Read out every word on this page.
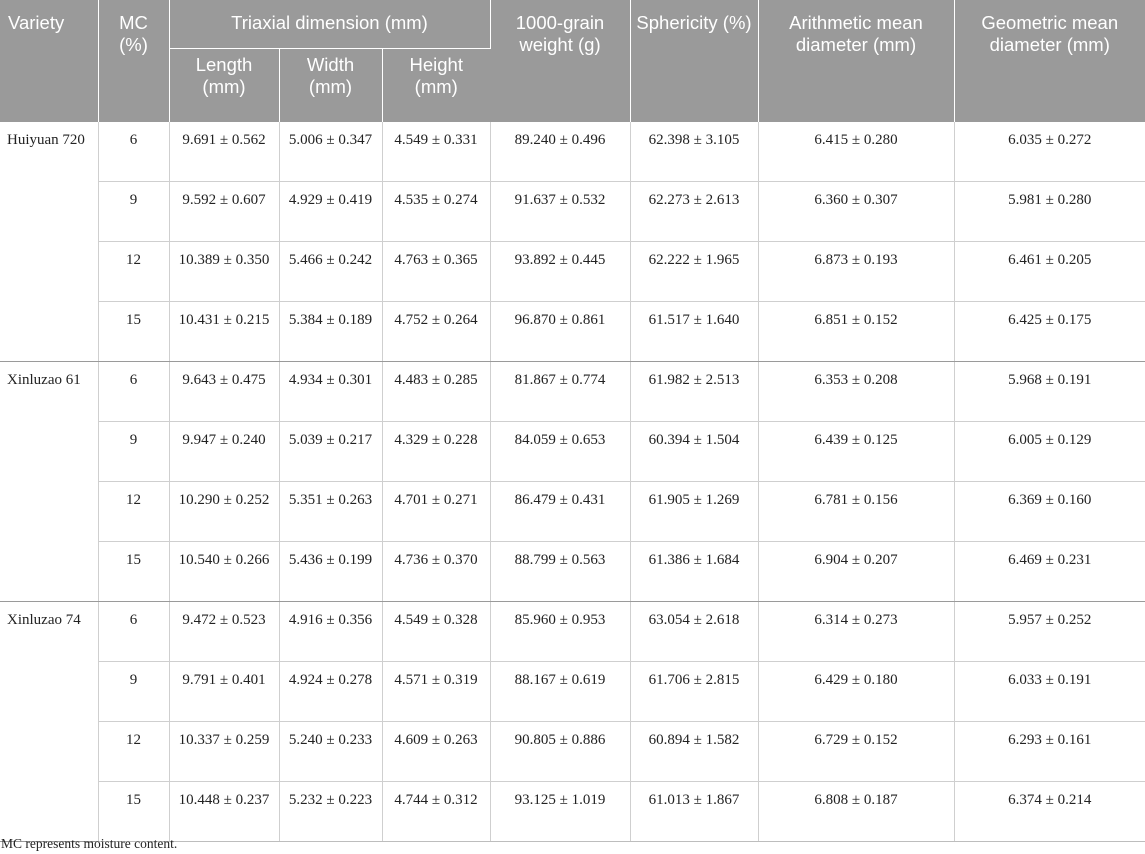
Variety	MC (%)	Triaxial dimension (mm)			1000-grain weight (g)	Sphericity (%)	Arithmetic mean diameter (mm)	Geometric mean diameter (mm)
		Length (mm)	Width (mm)	Height (mm)				
Huiyuan 720	6	9.691 ± 0.562	5.006 ± 0.347	4.549 ± 0.331	89.240 ± 0.496	62.398 ± 3.105	6.415 ± 0.280	6.035 ± 0.272
	9	9.592 ± 0.607	4.929 ± 0.419	4.535 ± 0.274	91.637 ± 0.532	62.273 ± 2.613	6.360 ± 0.307	5.981 ± 0.280
	12	10.389 ± 0.350	5.466 ± 0.242	4.763 ± 0.365	93.892 ± 0.445	62.222 ± 1.965	6.873 ± 0.193	6.461 ± 0.205
	15	10.431 ± 0.215	5.384 ± 0.189	4.752 ± 0.264	96.870 ± 0.861	61.517 ± 1.640	6.851 ± 0.152	6.425 ± 0.175
Xinluzao 61	6	9.643 ± 0.475	4.934 ± 0.301	4.483 ± 0.285	81.867 ± 0.774	61.982 ± 2.513	6.353 ± 0.208	5.968 ± 0.191
	9	9.947 ± 0.240	5.039 ± 0.217	4.329 ± 0.228	84.059 ± 0.653	60.394 ± 1.504	6.439 ± 0.125	6.005 ± 0.129
	12	10.290 ± 0.252	5.351 ± 0.263	4.701 ± 0.271	86.479 ± 0.431	61.905 ± 1.269	6.781 ± 0.156	6.369 ± 0.160
	15	10.540 ± 0.266	5.436 ± 0.199	4.736 ± 0.370	88.799 ± 0.563	61.386 ± 1.684	6.904 ± 0.207	6.469 ± 0.231
Xinluzao 74	6	9.472 ± 0.523	4.916 ± 0.356	4.549 ± 0.328	85.960 ± 0.953	63.054 ± 2.618	6.314 ± 0.273	5.957 ± 0.252
	9	9.791 ± 0.401	4.924 ± 0.278	4.571 ± 0.319	88.167 ± 0.619	61.706 ± 2.815	6.429 ± 0.180	6.033 ± 0.191
	12	10.337 ± 0.259	5.240 ± 0.233	4.609 ± 0.263	90.805 ± 0.886	60.894 ± 1.582	6.729 ± 0.152	6.293 ± 0.161
	15	10.448 ± 0.237	5.232 ± 0.223	4.744 ± 0.312	93.125 ± 1.019	61.013 ± 1.867	6.808 ± 0.187	6.374 ± 0.214
MC represents moisture content.
